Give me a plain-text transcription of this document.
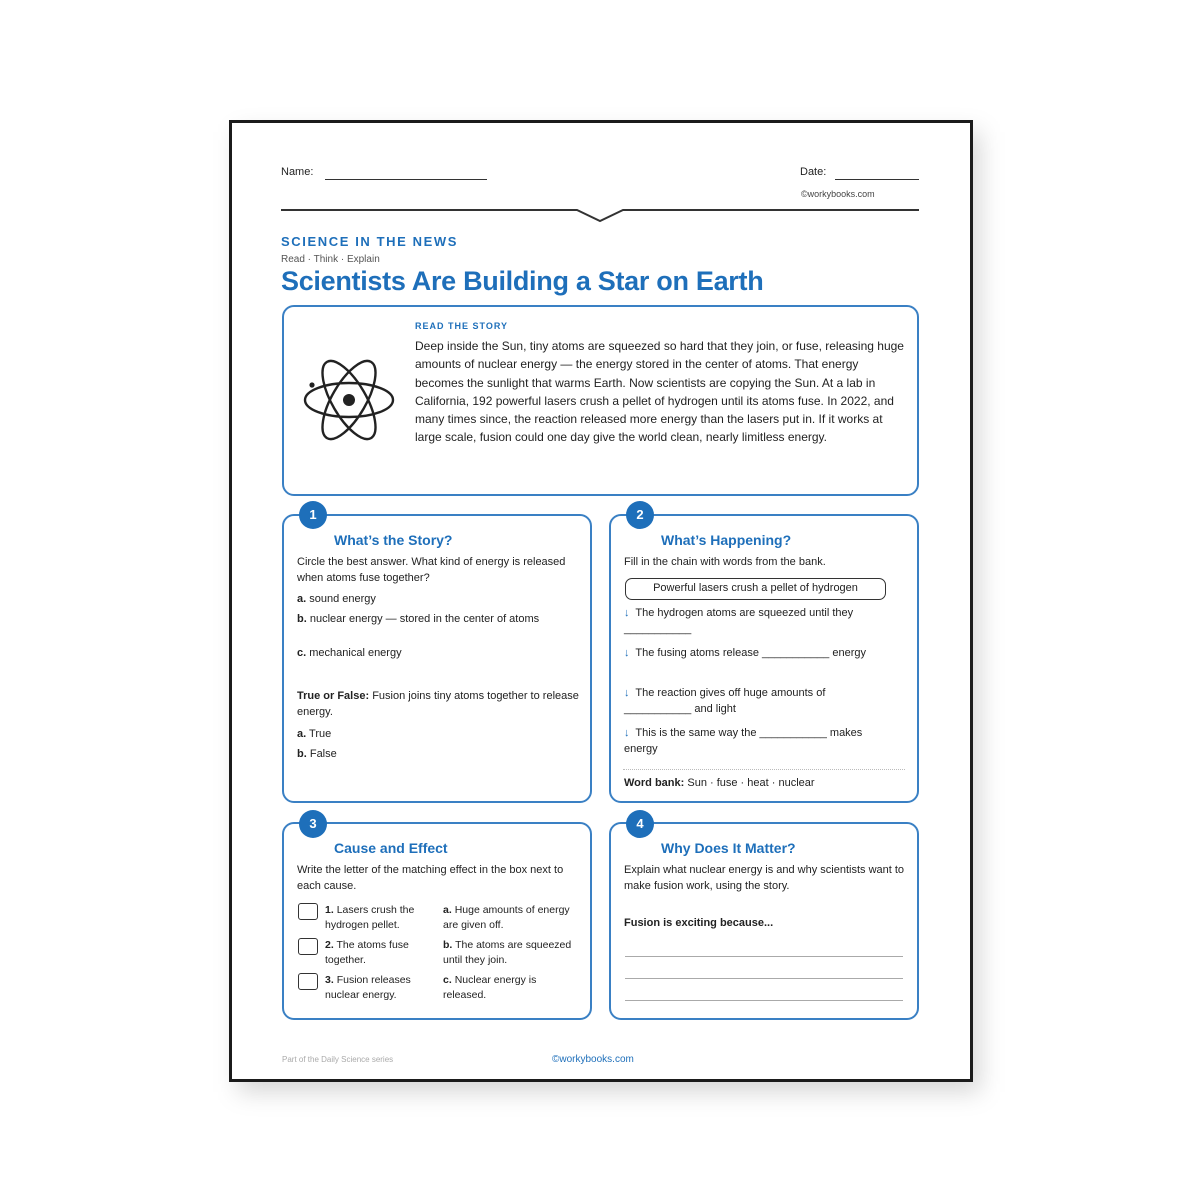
Name:	Date:
©workybooks.com
SCIENCE IN THE NEWS
Read · Think · Explain
Scientists Are Building a Star on Earth
READ THE STORY
Deep inside the Sun, tiny atoms are squeezed so hard that they join, or fuse, releasing huge amounts of nuclear energy — the energy stored in the center of atoms. That energy becomes the sunlight that warms Earth. Now scientists are copying the Sun. At a lab in California, 192 powerful lasers crush a pellet of hydrogen until its atoms fuse. In 2022, and many times since, the reaction released more energy than the lasers put in. If it works at large scale, fusion could one day give the world clean, nearly limitless energy.
1
What’s the Story?
Circle the best answer. What kind of energy is released when atoms fuse together?
a. sound energy
b. nuclear energy — stored in the center of atoms
c. mechanical energy
True or False: Fusion joins tiny atoms together to release energy.
a. True
b. False
2
What’s Happening?
Fill in the chain with words from the bank.
Powerful lasers crush a pellet of hydrogen
↓ The hydrogen atoms are squeezed until they ___________
↓ The fusing atoms release ___________ energy
↓ The reaction gives off huge amounts of ___________ and light
↓ This is the same way the ___________ makes energy
Word bank: Sun · fuse · heat · nuclear
3
Cause and Effect
Write the letter of the matching effect in the box next to each cause.
1. Lasers crush the hydrogen pellet.
2. The atoms fuse together.
3. Fusion releases nuclear energy.
a. Huge amounts of energy are given off.
b. The atoms are squeezed until they join.
c. Nuclear energy is released.
4
Why Does It Matter?
Explain what nuclear energy is and why scientists want to make fusion work, using the story.
Fusion is exciting because...
Part of the Daily Science series	©workybooks.com
